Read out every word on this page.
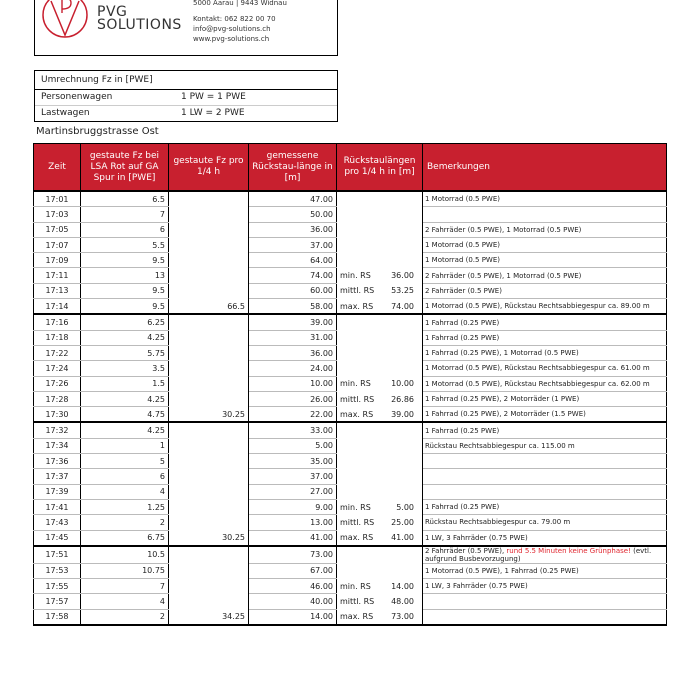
PVG
SOLUTIONS
5000 Aarau | 9443 Widnau
Kontakt: 062 822 00 70
info@pvg-solutions.ch
www.pvg-solutions.ch
Umrechnung Fz in [PWE]
Personenwagen	1 PW = 1 PWE
Lastwagen	1 LW = 2 PWE
Martinsbruggstrasse Ost
Zeit	gestaute Fz bei LSA Rot auf GA Spur in [PWE]	gestaute Fz pro 1/4 h	gemessene Rückstau-länge in [m]	Rückstaulängen pro 1/4 h in [m]	Bemerkungen
17:01	6.5		47.00		1 Motorrad (0.5 PWE)
17:03	7		50.00	

17:05	6		36.00		2 Fahrräder (0.5 PWE), 1 Motorrad (0.5 PWE)
17:07	5.5		37.00		1 Motorrad (0.5 PWE)
17:09	9.5		64.00		1 Motorrad (0.5 PWE)
17:11	13		74.00	min. RS 36.00	2 Fahrräder (0.5 PWE), 1 Motorrad (0.5 PWE)
17:13	9.5		60.00	mittl. RS 53.25	2 Fahrräder (0.5 PWE)
17:14	9.5	66.5	58.00	max. RS 74.00	1 Motorrad (0.5 PWE), Rückstau Rechtsabbiegespur ca. 89.00 m
17:16	6.25		39.00		1 Fahrrad (0.25 PWE)
17:18	4.25		31.00		1 Fahrrad (0.25 PWE)
17:22	5.75		36.00		1 Fahrrad (0.25 PWE), 1 Motorrad (0.5 PWE)
17:24	3.5		24.00		1 Motorrad (0.5 PWE), Rückstau Rechtsabbiegespur ca. 61.00 m
17:26	1.5		10.00	min. RS 10.00	1 Motorrad (0.5 PWE), Rückstau Rechtsabbiegespur ca. 62.00 m
17:28	4.25		26.00	mittl. RS 26.86	1 Fahrrad (0.25 PWE), 2 Motorräder (1 PWE)
17:30	4.75	30.25	22.00	max. RS 39.00	1 Fahrrad (0.25 PWE), 2 Motorräder (1.5 PWE)
17:32	4.25		33.00		1 Fahrrad (0.25 PWE)
17:34	1		5.00		Rückstau Rechtsabbiegespur ca. 115.00 m
17:36	5		35.00	

17:37	6		37.00	

17:39	4		27.00	

17:41	1.25		9.00	min. RS 5.00	1 Fahrrad (0.25 PWE)
17:43	2		13.00	mittl. RS 25.00	Rückstau Rechtsabbiegespur ca. 79.00 m
17:45	6.75	30.25	41.00	max. RS 41.00	1 LW, 3 Fahrräder (0.75 PWE)
17:51	10.5		73.00		2 Fahrräder (0.5 PWE), rund 5.5 Minuten keine Grünphase! (evtl. aufgrund Busbevorzugung)
17:53	10.75		67.00		1 Motorrad (0.5 PWE), 1 Fahrrad (0.25 PWE)
17:55	7		46.00	min. RS 14.00	1 LW, 3 Fahrräder (0.75 PWE)
17:57	4		40.00	mittl. RS 48.00	

17:58	2	34.25	14.00	max. RS 73.00	
